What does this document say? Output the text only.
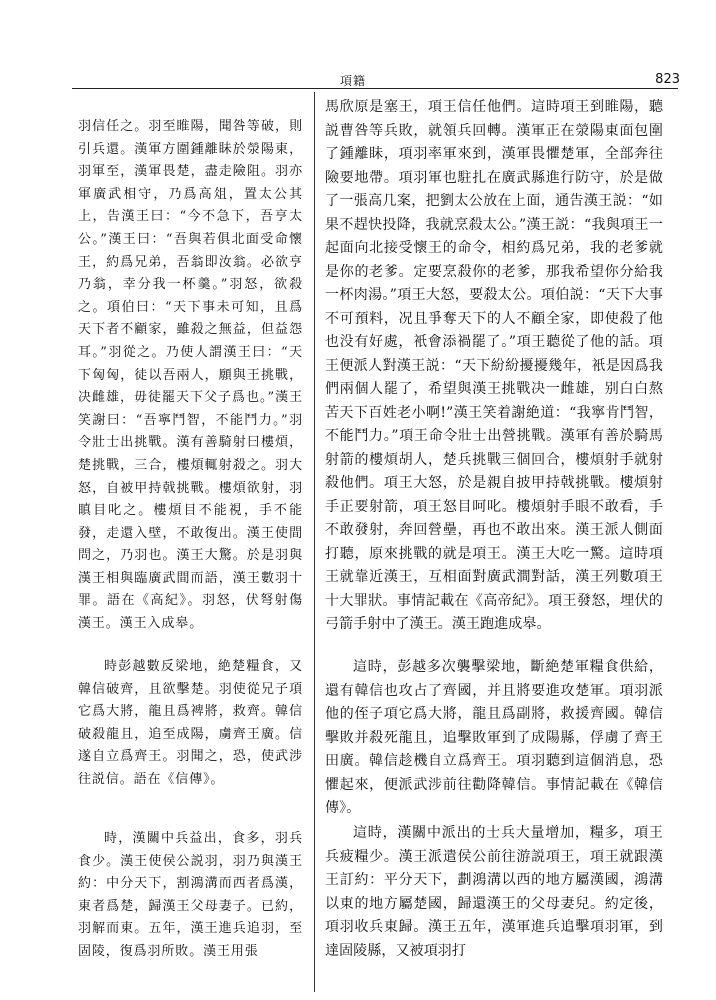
項籍	823

羽信任之。羽至睢陽，聞咎等破，則引兵還。漢軍方圍鍾離眛於滎陽東，羽軍至，漢軍畏楚，盡走險阻。羽亦軍廣武相守，乃爲高俎，置太公其上，告漢王曰：“今不急下，吾亨太公。”漢王曰：“吾與若俱北面受命懷王，約爲兄弟，吾翁即汝翁。必欲亨乃翁，幸分我一杯羹。”羽怒，欲殺之。項伯曰：“天下事未可知，且爲天下者不顧家，雖殺之無益，但益怨耳。”羽從之。乃使人謂漢王曰：“天下匈匈，徒以吾兩人，願與王挑戰，决雌雄，毋徒罷天下父子爲也。”漢王笑謝曰：“吾寧鬥智，不能鬥力。”羽令壯士出挑戰。漢有善騎射曰樓煩，楚挑戰，三合，樓煩輒射殺之。羽大怒，自被甲持戟挑戰。樓煩欲射，羽瞋目叱之。樓煩目不能視，手不能發，走還入壁，不敢復出。漢王使間問之，乃羽也。漢王大驚。於是羽與漢王相與臨廣武間而語，漢王數羽十罪。語在《高紀》。羽怒，伏弩射傷漢王。漢王入成皋。

時彭越數反梁地，絶楚糧食，又韓信破齊，且欲擊楚。羽使從兄子項它爲大將，龍且爲裨將，救齊。韓信破殺龍且，追至成陽，虜齊王廣。信遂自立爲齊王。羽聞之，恐，使武涉往説信。語在《信傳》。

時，漢關中兵益出，食多，羽兵食少。漢王使侯公説羽，羽乃與漢王約：中分天下，割鴻溝而西者爲漢，東者爲楚，歸漢王父母妻子。已約，羽解而東。五年，漢王進兵追羽，至固陵，復爲羽所敗。漢王用張

馬欣原是塞王，項王信任他們。這時項王到睢陽，聽説曹咎等兵敗，就領兵回轉。漢軍正在滎陽東面包圍了鍾離眛，項羽率軍來到，漢軍畏懼楚軍，全部奔往險要地帶。項羽軍也駐扎在廣武縣進行防守，於是做了一張高几案，把劉太公放在上面，通告漢王説：“如果不趕快投降，我就烹殺太公。”漢王説：“我與項王一起面向北接受懷王的命令，相約爲兄弟，我的老爹就是你的老爹。定要烹殺你的老爹，那我希望你分給我一杯肉湯。”項王大怒，要殺太公。項伯説：“天下大事不可預料，况且爭奪天下的人不顧全家，即使殺了他也没有好處，衹會添禍罷了。”項王聽從了他的話。項王便派人對漢王説：“天下紛紛擾擾幾年，衹是因爲我們兩個人罷了，希望與漢王挑戰决一雌雄，别白白熬苦天下百姓老小啊!”漢王笑着謝絶道：“我寧肯鬥智，不能鬥力。”項王命令壯士出營挑戰。漢軍有善於騎馬射箭的樓煩胡人，楚兵挑戰三個回合，樓煩射手就射殺他們。項王大怒，於是親自披甲持戟挑戰。樓煩射手正要射箭，項王怒目呵叱。樓煩射手眼不敢看，手不敢發射，奔回營壘，再也不敢出來。漢王派人側面打聽，原來挑戰的就是項王。漢王大吃一驚。這時項王就靠近漢王，互相面對廣武澗對話，漢王列數項王十大罪狀。事情記載在《高帝紀》。項王發怒，埋伏的弓箭手射中了漢王。漢王跑進成皋。

這時，彭越多次襲擊梁地，斷絶楚軍糧食供給，還有韓信也攻占了齊國，并且將要進攻楚軍。項羽派他的侄子項它爲大將，龍且爲副將，救援齊國。韓信擊敗并殺死龍且，追擊敗軍到了成陽縣，俘虜了齊王田廣。韓信趁機自立爲齊王。項羽聽到這個消息，恐懼起來，便派武涉前往勸降韓信。事情記載在《韓信傳》。

這時，漢關中派出的士兵大量增加，糧多，項王兵疲糧少。漢王派遣侯公前往游説項王，項王就跟漢王訂約：平分天下，劃鴻溝以西的地方屬漢國，鴻溝以東的地方屬楚國，歸還漢王的父母妻兒。約定後，項羽收兵東歸。漢王五年，漢軍進兵追擊項羽軍，到達固陵縣，又被項羽打
